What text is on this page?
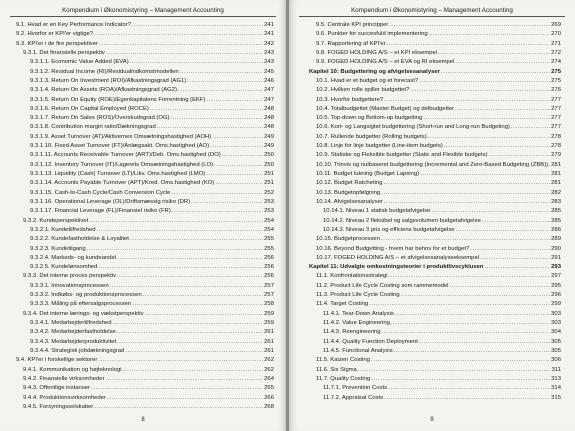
Kompendium i Økonomistyring – Management Accounting
9.1. Hvad er en Key Performance Indicator? .....	241
9.2. Hvorfor er KPI'er vigtige? .....	241
9.3. KPI'er i de fire perspektiver .....	242
9.3.1. Det finansielle perspektiv .....	243
9.3.1.1. Economic Value Added (EVA) .....	243
9.3.1.2. Residual Income (RI)/Residualindkomstmodellen .....	245
9.3.1.3. Return On Investment (ROI)/Afkastningsgrad (AG1) .....	246
9.3.1.4. Return On Assets (ROA)/Afkastningsgrad (AG2) .....	247
9.3.1.5. Return On Equity (ROE)/Egenkapitalens Forrentning (EKF) .....	247
9.3.1.6. Return On Capital Employed (ROCE) .....	248
9.3.1.7. Return On Sales (ROS)/Overskudsgrad (OG) .....	248
9.3.1.8. Contribution margin ratio/Dækningsgrad .....	248
9.3.1.9. Asset Turnover (AT)/Aktivernes Omsætningshastighed (AOH) .....	249
9.3.1.10. Fixed Asset Turnover (FT)/Anlægsakt. Oms.hastighed (AO) .....	249
9.3.1.11. Accounts Receivable Turnover (ART)/Deb. Oms.hastighed (DO) .....	250
9.3.1.12. Inventory Turnover (IT)/Lagerets Omsætningshastighed (LO) .....	250
9.3.1.13. Liquidity (Cash) Turnover (LT)/Likv. Oms.hastighed (LMO) .....	251
9.3.1.14. Accounts Payable Turnover (APT)/Kred. Oms.hastighed (KO) .....	251
9.3.1.15. Cash-to-Cash Cycle/Cash Conversion Cycle .....	252
9.3.1.16. Operational Leverage (OL)/Driftsmæssig risiko (DR) .....	253
9.3.1.17. Financial Leverage (FL)/Finansiel risiko (FR) .....	253
9.3.2. Kundeperspektivet .....	254
9.3.2.1. Kundetilfredshed .....	254
9.3.2.2. Kundefastholdelse & Loyalitet .....	255
9.3.2.3. Kundetilgang .....	255
9.3.2.4. Markeds- og kundeandel .....	256
9.3.2.5. Kundelønsomhed .....	256
9.3.3. Det interne proces perspektiv .....	256
9.3.3.1. Innovationsprocessen .....	257
9.3.3.2. Indkøbs- og produktionsprocessen .....	257
9.3.3.3. Måling på eftersalgsprocessen .....	258
9.3.4. Det interne lærings- og vækstperspektiv .....	259
9.3.4.1. Medarbejdertilfredshed .....	259
9.3.4.2. Medarbejderfastholdelse .....	261
9.3.4.3. Medarbejderproduktivitet .....	261
9.3.4.4. Strategisk jobdækningsgrad .....	261
9.4. KPI'er i forskellige sektorer .....	262
9.4.1. Kommunikation og højteknologi .....	262
9.4.2. Finansielle virksomheder .....	264
9.4.3. Offentlige instanser .....	265
9.4.4. Produktionsvirksomheder .....	266
9.4.5. Forsyningsselskaber .....	268
8
Kompendium i Økonomistyring – Management Accounting
9.5. Centrale KPI principper .....	269
9.6. Punkter for succesfuld implementering .....	270
9.7. Rapportering af KPI'er .....	271
9.8. FOGED HOLDING A/S – et KPI eksempel .....	272
9.9. FOGED HOLDING A/S – et EVA og RI eksempel .....	274
Kapitel 10: Budgettering og afvigelsesanalyser .....	275
10.1. Hvad er et budget og et forecast? .....	275
10.2. Hvilken rolle spiller budgettet? .....	276
10.3. Hvorfor budgettere? .....	277
10.4. Totalbudgettet (Master Budget) og delbudgetter .....	277
10.5. Top-down og Bottom-up budgetting .....	277
10.6. Kort- og Langsigtet budgettering (Short-run and Long-run Budgeting) .....	277
10.7. Rullende budgetter (Rolling budgets) .....	278
10.8. Linje for linje budgetter (Line-item budgets) .....	278
10.9. Statiske og Fleksible budgetter (Static and Flexible budgets) .....	279
10.10. Trinvis og nulbaseret budgettering (Incremental and Zero-Based Budgeting (ZBB)) ..... 281
10.11. Budget lukning (Budget Lapsing) .....	281
10.12. Budget Ratcheting .....	281
10.13. Budgetopfølgning .....	282
10.14. Afvigelsesanalyser .....	283
10.14.1. Niveau 1 statisk budgetafvigelse .....	285
10.14.2. Niveau 2 fleksibel og salgsvolumen budgetafvigelse .....	285
10.14.3. Niveau 3 pris og efficiens budgetafvigelse .....	286
10.15. Budgetprocessen .....	289
10.16. Beyond Budgetting - hvem har behov for et budget? .....	290
10.17. FOGED HOLDING A/S – et afvigelsesanalyseeksempel .....	291
Kapitel 11: Udvalgte omkostningsteorier i produktlivscyklusen .....	293
11.1. Konfrontationsstrategi .....	297
11.2. Product Life Cycle Costing som rammemodel .....	295
11.3. Product Life Cycle Costing .....	296
11.4. Target Costing .....	299
11.4.1. Tear-Down Analysis .....	303
11.4.2. Value Engineering .....	303
11.4.3. Reengineering .....	304
11.4.4. Quality Function Deployment .....	305
11.4.5. Functional Analysis .....	305
11.5. Kaizen Costing .....	306
11.6. Six Sigma .....	311
11.7. Quality Costing .....	313
11.7.1. Prevention Costs .....	314
11.7.2. Appraisal Costs .....	315
9
